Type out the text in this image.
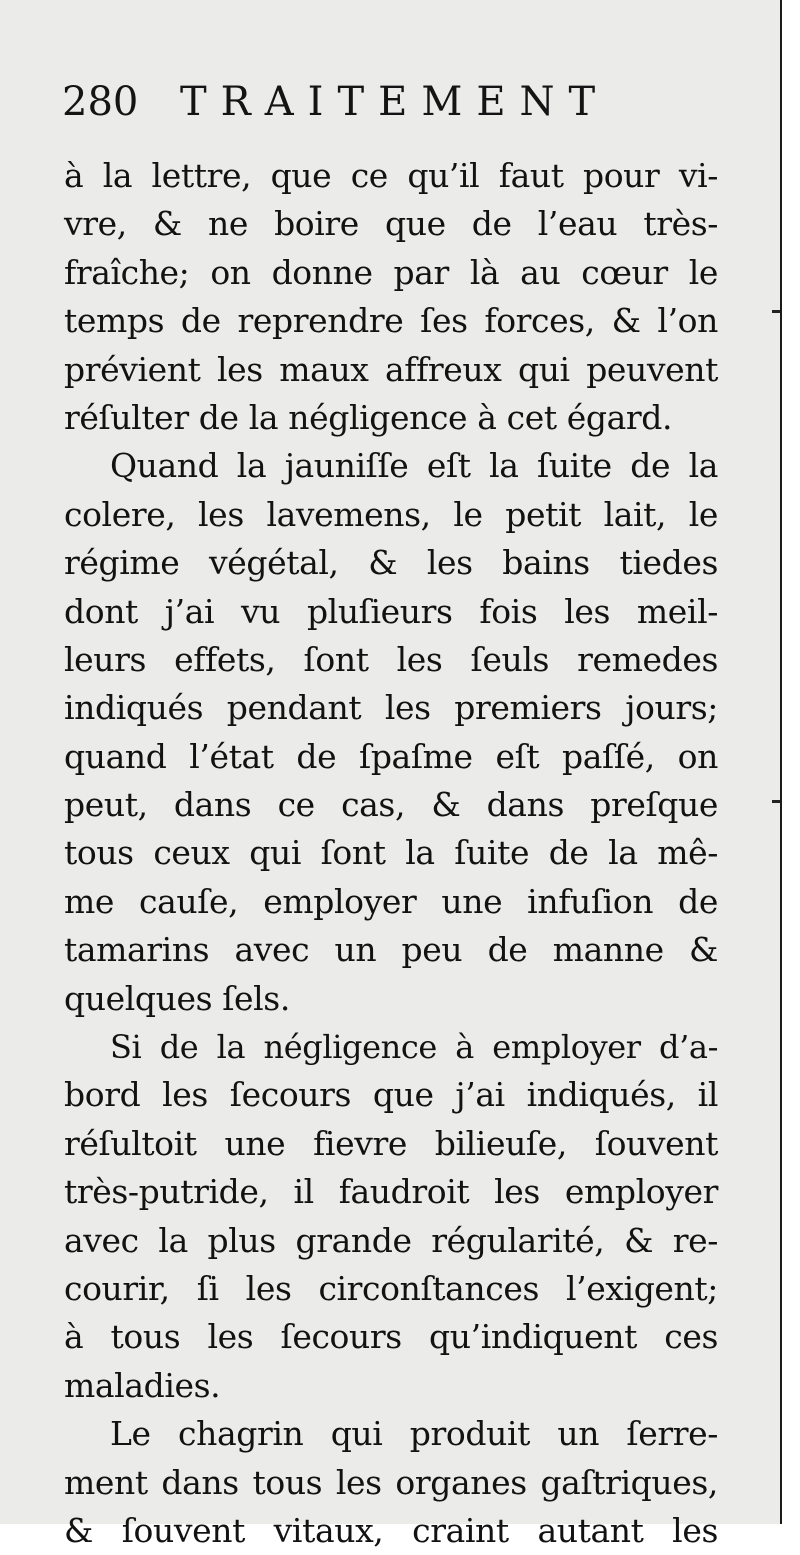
280 TRAITEMENT
à la lettre, que ce qu’il faut pour vi-
vre, & ne boire que de l’eau très-
fraîche; on donne par là au cœur le
temps de reprendre ſes forces, & l’on
prévient les maux affreux qui peuvent
réſulter de la négligence à cet égard.
Quand la jauniſſe eſt la ſuite de la
colere, les lavemens, le petit lait, le
régime végétal, & les bains tiedes
dont j’ai vu pluſieurs fois les meil-
leurs effets, ſont les ſeuls remedes
indiqués pendant les premiers jours;
quand l’état de ſpaſme eſt paſſé, on
peut, dans ce cas, & dans preſque
tous ceux qui ſont la ſuite de la mê-
me cauſe, employer une infuſion de
tamarins avec un peu de manne &
quelques ſels.
Si de la négligence à employer d’a-
bord les ſecours que j’ai indiqués, il
réſultoit une fievre bilieuſe, ſouvent
très-putride, il faudroit les employer
avec la plus grande régularité, & re-
courir, ſi les circonſtances l’exigent;
à tous les ſecours qu’indiquent ces
maladies.
Le chagrin qui produit un ſerre-
ment dans tous les organes gaſtriques,
& ſouvent vitaux, craint autant les
